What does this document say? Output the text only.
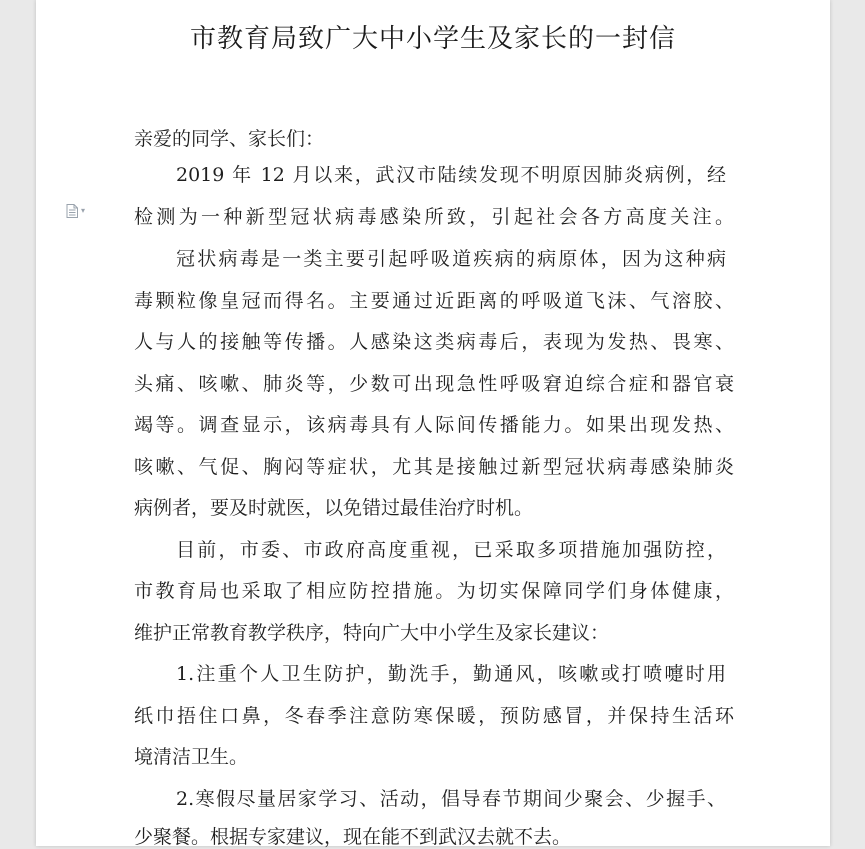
市教育局致广大中小学生及家长的一封信
▾
亲爱的同学、家长们：
2019 年 12 月以来，武汉市陆续发现不明原因肺炎病例，经
检测为一种新型冠状病毒感染所致，引起社会各方高度关注。
冠状病毒是一类主要引起呼吸道疾病的病原体，因为这种病
毒颗粒像皇冠而得名。主要通过近距离的呼吸道飞沫、气溶胶、
人与人的接触等传播。人感染这类病毒后，表现为发热、畏寒、
头痛、咳嗽、肺炎等，少数可出现急性呼吸窘迫综合症和器官衰
竭等。调查显示，该病毒具有人际间传播能力。如果出现发热、
咳嗽、气促、胸闷等症状，尤其是接触过新型冠状病毒感染肺炎
病例者，要及时就医，以免错过最佳治疗时机。
目前，市委、市政府高度重视，已采取多项措施加强防控，
市教育局也采取了相应防控措施。为切实保障同学们身体健康，
维护正常教育教学秩序，特向广大中小学生及家长建议：
1.注重个人卫生防护，勤洗手，勤通风，咳嗽或打喷嚏时用
纸巾捂住口鼻，冬春季注意防寒保暖，预防感冒，并保持生活环
境清洁卫生。
2.寒假尽量居家学习、活动，倡导春节期间少聚会、少握手、
少聚餐。根据专家建议，现在能不到武汉去就不去。
